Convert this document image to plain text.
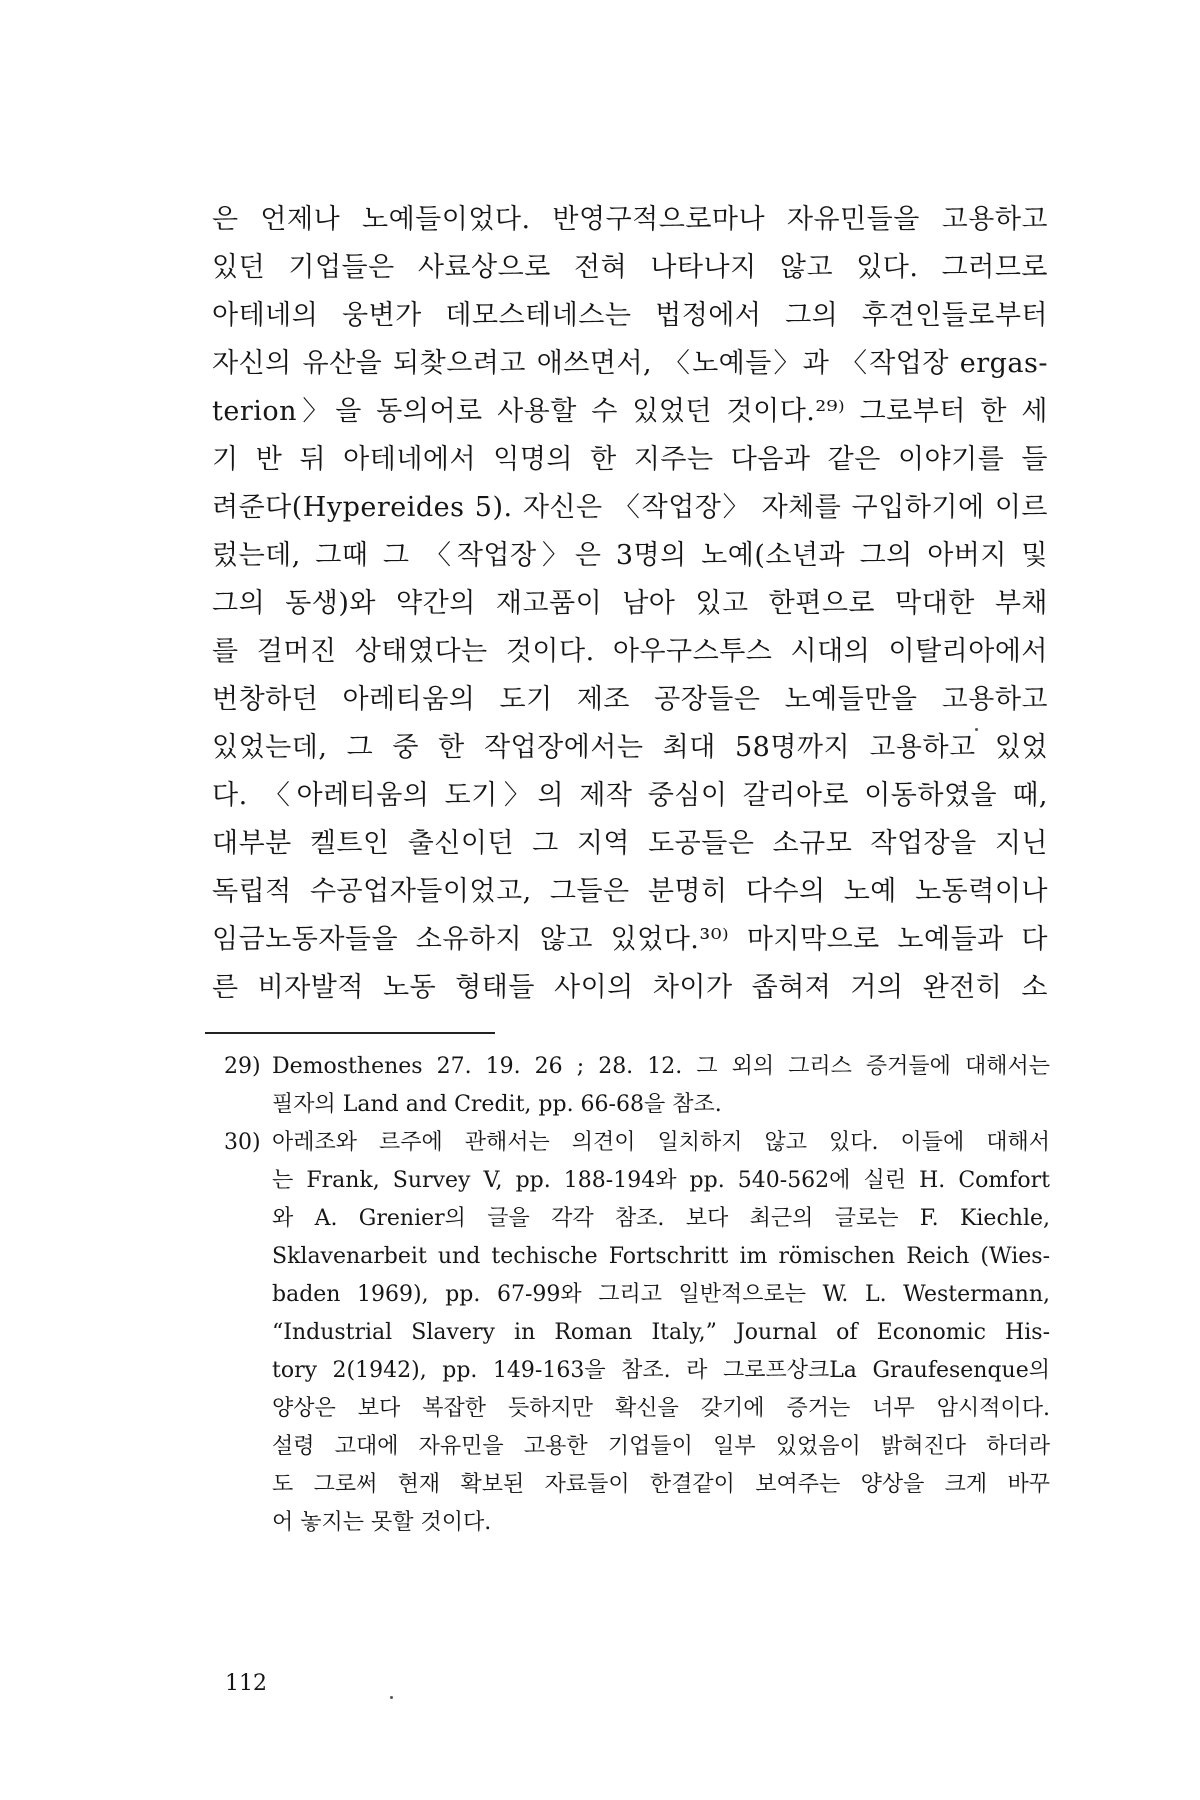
은 언제나 노예들이었다. 반영구적으로마나 자유민들을 고용하고
있던 기업들은 사료상으로 전혀 나타나지 않고 있다. 그러므로
아테네의 웅변가 데모스테네스는 법정에서 그의 후견인들로부터
자신의 유산을 되찾으려고 애쓰면서, 〈노예들〉과 〈작업장 ergas-
terion〉을 동의어로 사용할 수 있었던 것이다.²⁹⁾ 그로부터 한 세
기 반 뒤 아테네에서 익명의 한 지주는 다음과 같은 이야기를 들
려준다(Hypereides 5). 자신은 〈작업장〉 자체를 구입하기에 이르
렀는데, 그때 그 〈작업장〉은 3명의 노예(소년과 그의 아버지 및
그의 동생)와 약간의 재고품이 남아 있고 한편으로 막대한 부채
를 걸머진 상태였다는 것이다. 아우구스투스 시대의 이탈리아에서
번창하던 아레티움의 도기 제조 공장들은 노예들만을 고용하고
있었는데, 그 중 한 작업장에서는 최대 58명까지 고용하고 있었
다. 〈아레티움의 도기〉의 제작 중심이 갈리아로 이동하였을 때,
대부분 켈트인 출신이던 그 지역 도공들은 소규모 작업장을 지닌
독립적 수공업자들이었고, 그들은 분명히 다수의 노예 노동력이나
임금노동자들을 소유하지 않고 있었다.³⁰⁾ 마지막으로 노예들과 다
른 비자발적 노동 형태들 사이의 차이가 좁혀져 거의 완전히 소
29) Demosthenes 27. 19. 26 ; 28. 12. 그 외의 그리스 증거들에 대해서는
필자의 Land and Credit, pp. 66-68을 참조.
30) 아레조와 르주에 관해서는 의견이 일치하지 않고 있다. 이들에 대해서
는 Frank, Survey V, pp. 188-194와 pp. 540-562에 실린 H. Comfort
와 A. Grenier의 글을 각각 참조. 보다 최근의 글로는 F. Kiechle,
Sklavenarbeit und techische Fortschritt im römischen Reich (Wies-
baden 1969), pp. 67-99와 그리고 일반적으로는 W. L. Westermann,
“Industrial Slavery in Roman Italy,” Journal of Economic His-
tory 2(1942), pp. 149-163을 참조. 라 그로프상크La Graufesenque의
양상은 보다 복잡한 듯하지만 확신을 갖기에 증거는 너무 암시적이다.
설령 고대에 자유민을 고용한 기업들이 일부 있었음이 밝혀진다 하더라
도 그로써 현재 확보된 자료들이 한결같이 보여주는 양상을 크게 바꾸
어 놓지는 못할 것이다.
112
